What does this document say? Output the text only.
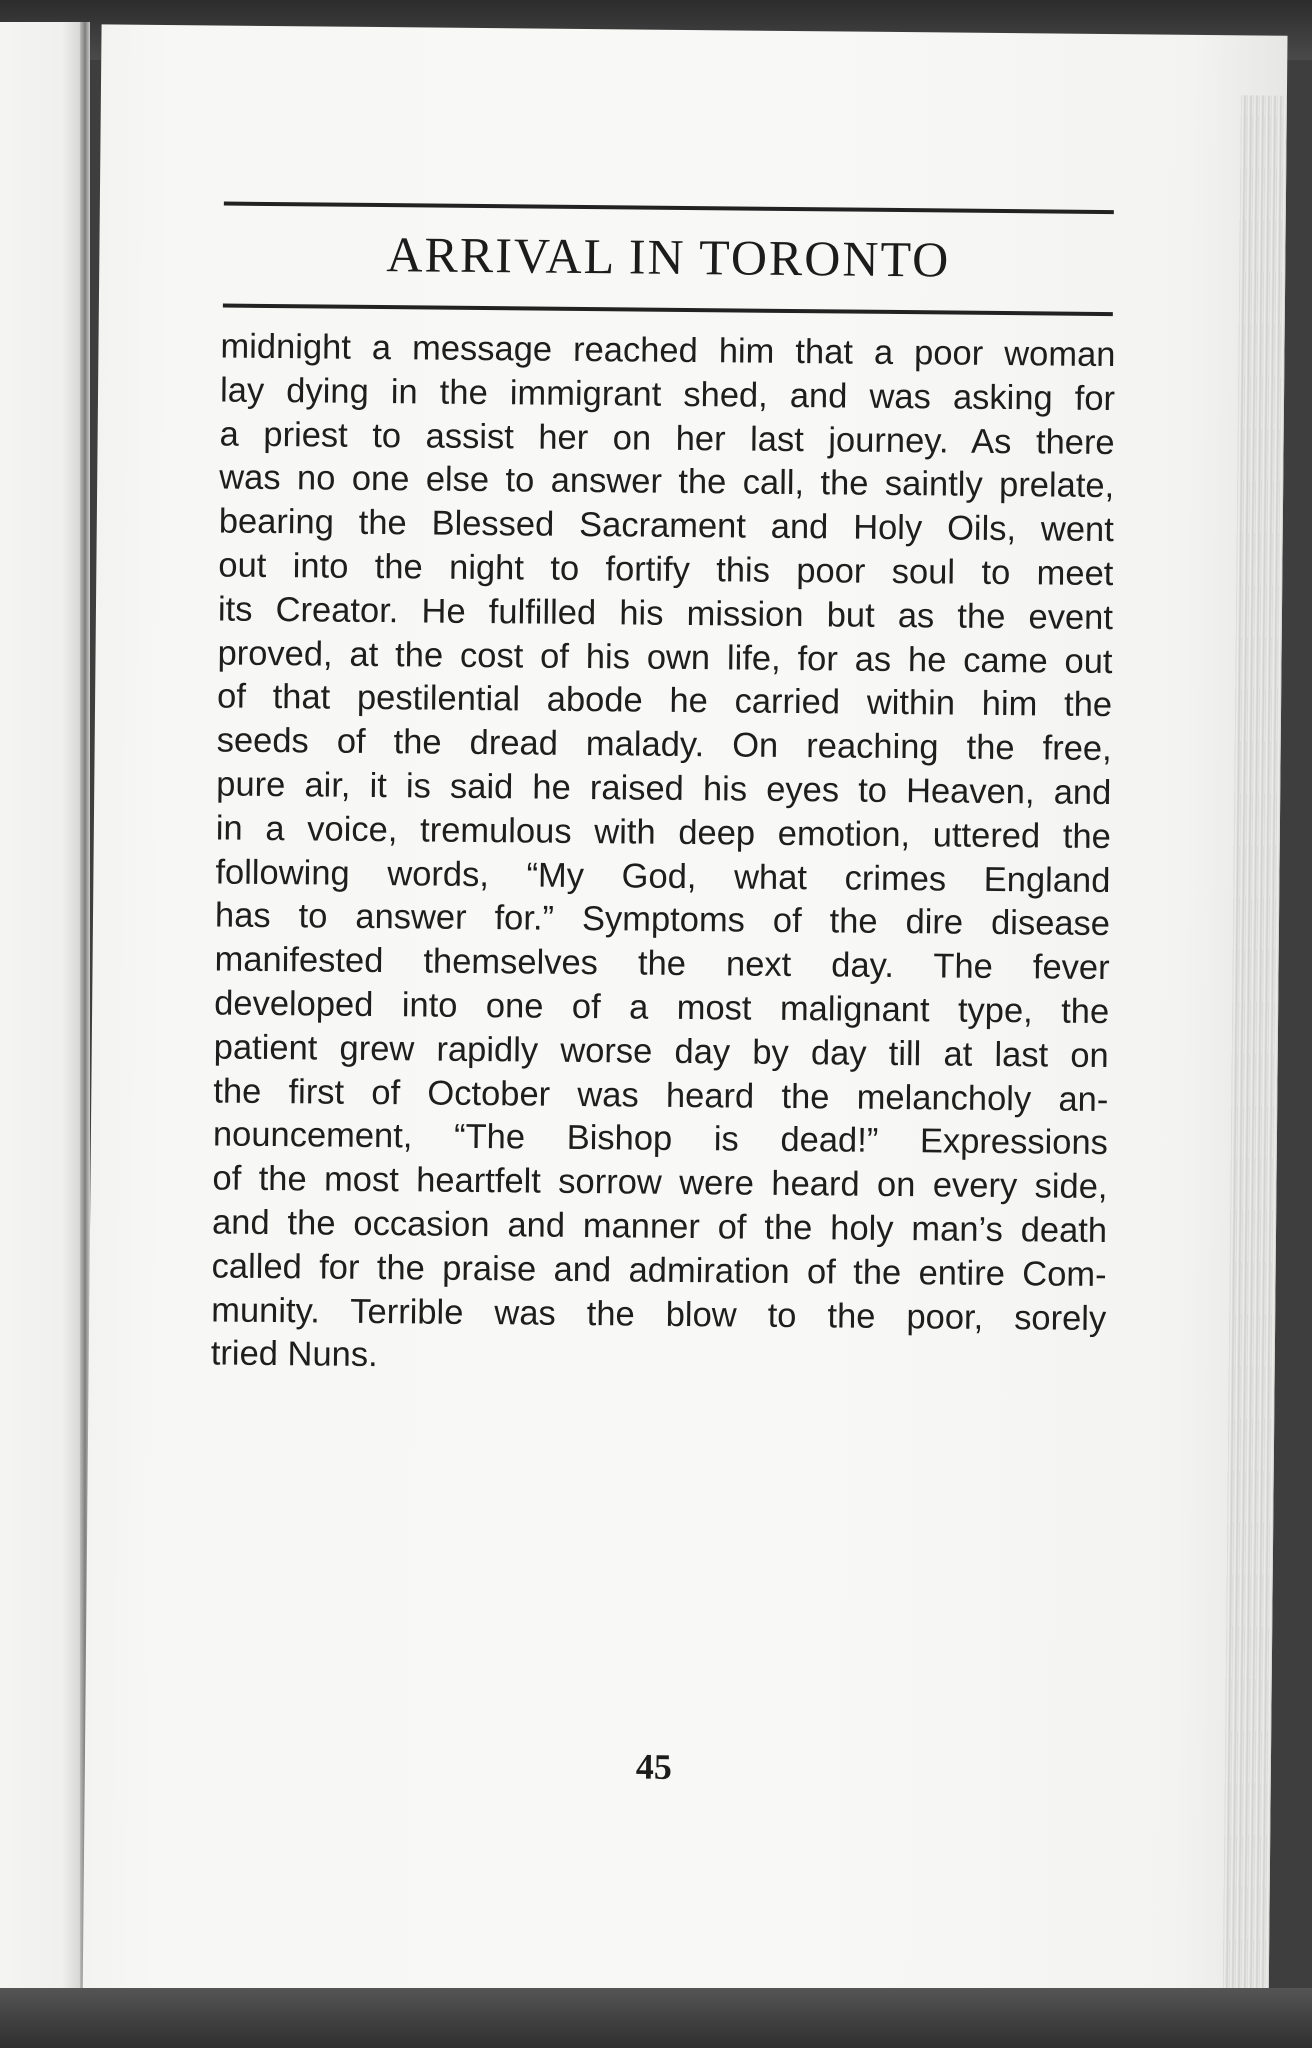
ARRIVAL IN TORONTO
midnight a message reached him that a poor woman
lay dying in the immigrant shed, and was asking for
a priest to assist her on her last journey. As there
was no one else to answer the call, the saintly prelate,
bearing the Blessed Sacrament and Holy Oils, went
out into the night to fortify this poor soul to meet
its Creator. He fulfilled his mission but as the event
proved, at the cost of his own life, for as he came out
of that pestilential abode he carried within him the
seeds of the dread malady. On reaching the free,
pure air, it is said he raised his eyes to Heaven, and
in a voice, tremulous with deep emotion, uttered the
following words, “My God, what crimes England
has to answer for.” Symptoms of the dire disease
manifested themselves the next day. The fever
developed into one of a most malignant type, the
patient grew rapidly worse day by day till at last on
the first of October was heard the melancholy an-
nouncement, “The Bishop is dead!” Expressions
of the most heartfelt sorrow were heard on every side,
and the occasion and manner of the holy man’s death
called for the praise and admiration of the entire Com-
munity. Terrible was the blow to the poor, sorely
tried Nuns.
45
